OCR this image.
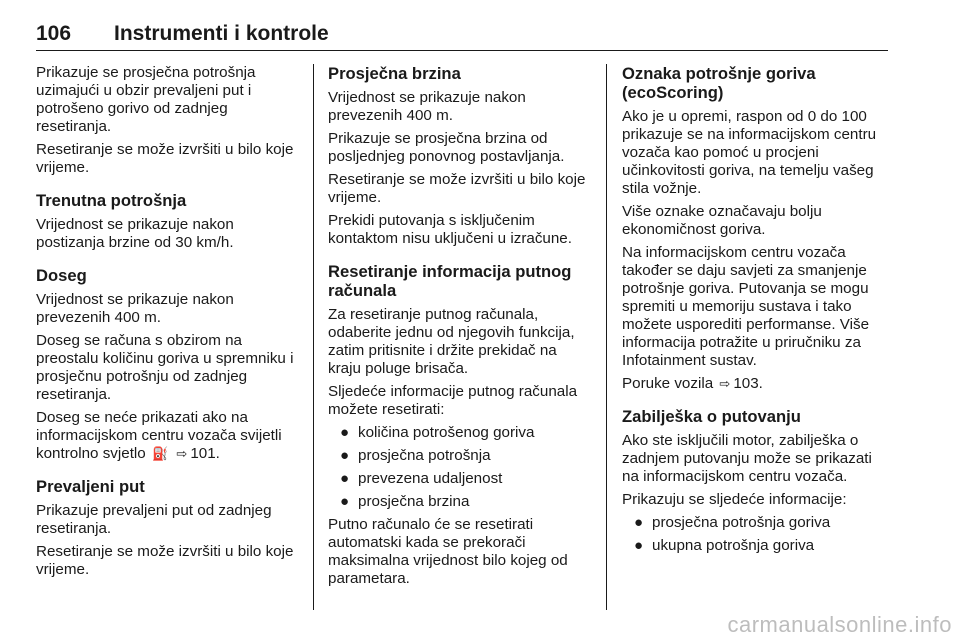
106 Instrumenti i kontrole

Prikazuje se prosječna potrošnja uzimajući u obzir prevaljeni put i potrošeno gorivo od zadnjeg resetiranja.

Resetiranje se može izvršiti u bilo koje vrijeme.

Trenutna potrošnja

Vrijednost se prikazuje nakon postizanja brzine od 30 km/h.

Doseg

Vrijednost se prikazuje nakon prevezenih 400 m.

Doseg se računa s obzirom na preostalu količinu goriva u spremniku i prosječnu potrošnju od zadnjeg resetiranja.

Doseg se neće prikazati ako na informacijskom centru vozača svijetli kontrolno svjetlo ⛽ ⇨ 101.

Prevaljeni put

Prikazuje prevaljeni put od zadnjeg resetiranja.

Resetiranje se može izvršiti u bilo koje vrijeme.

Prosječna brzina

Vrijednost se prikazuje nakon prevezenih 400 m.

Prikazuje se prosječna brzina od posljednjeg ponovnog postavljanja.

Resetiranje se može izvršiti u bilo koje vrijeme.

Prekidi putovanja s isključenim kontaktom nisu uključeni u izračune.

Resetiranje informacija putnog računala

Za resetiranje putnog računala, odaberite jednu od njegovih funkcija, zatim pritisnite i držite prekidač na kraju poluge brisača.

Sljedeće informacije putnog računala možete resetirati:

● količina potrošenog goriva
● prosječna potrošnja
● prevezena udaljenost
● prosječna brzina

Putno računalo će se resetirati automatski kada se prekorači maksimalna vrijednost bilo kojeg od parametara.

Oznaka potrošnje goriva (ecoScoring)

Ako je u opremi, raspon od 0 do 100 prikazuje se na informacijskom centru vozača kao pomoć u procjeni učinkovitosti goriva, na temelju vašeg stila vožnje.

Više oznake označavaju bolju ekonomičnost goriva.

Na informacijskom centru vozača također se daju savjeti za smanjenje potrošnje goriva. Putovanja se mogu spremiti u memoriju sustava i tako možete usporediti performanse. Više informacija potražite u priručniku za Infotainment sustav.

Poruke vozila ⇨ 103.

Zabilješka o putovanju

Ako ste isključili motor, zabilješka o zadnjem putovanju može se prikazati na informacijskom centru vozača.

Prikazuju se sljedeće informacije:

● prosječna potrošnja goriva
● ukupna potrošnja goriva
carmanualsonline.info
